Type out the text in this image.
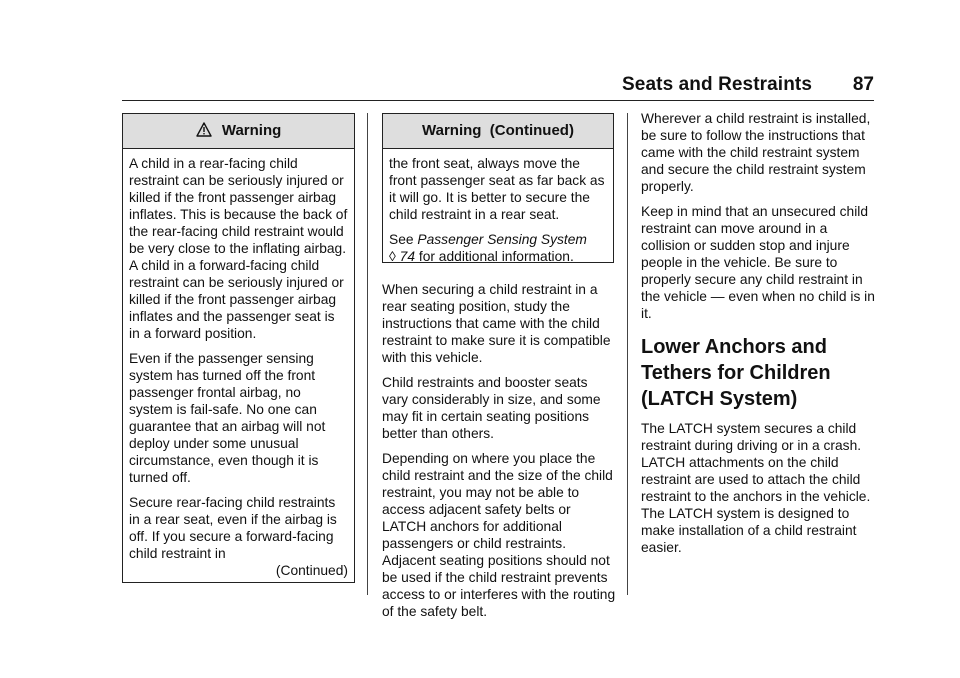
Seats and Restraints 87
Warning

A child in a rear-facing child restraint can be seriously injured or killed if the front passenger airbag inflates. This is because the back of the rear-facing child restraint would be very close to the inflating airbag. A child in a forward-facing child restraint can be seriously injured or killed if the front passenger airbag inflates and the passenger seat is in a forward position.

Even if the passenger sensing system has turned off the front passenger frontal airbag, no system is fail-safe. No one can guarantee that an airbag will not deploy under some unusual circumstance, even though it is turned off.

Secure rear-facing child restraints in a rear seat, even if the airbag is off. If you secure a forward-facing child restraint in

(Continued)
Warning  (Continued)

the front seat, always move the front passenger seat as far back as it will go. It is better to secure the child restraint in a rear seat.

See Passenger Sensing System
◊ 74 for additional information.

When securing a child restraint in a rear seating position, study the instructions that came with the child restraint to make sure it is compatible with this vehicle.

Child restraints and booster seats vary considerably in size, and some may fit in certain seating positions better than others.

Depending on where you place the child restraint and the size of the child restraint, you may not be able to access adjacent safety belts or LATCH anchors for additional passengers or child restraints. Adjacent seating positions should not be used if the child restraint prevents access to or interferes with the routing of the safety belt.

Wherever a child restraint is installed, be sure to follow the instructions that came with the child restraint system and secure the child restraint system properly.

Keep in mind that an unsecured child restraint can move around in a collision or sudden stop and injure people in the vehicle. Be sure to properly secure any child restraint in the vehicle — even when no child is in it.

Lower Anchors and
Tethers for Children
(LATCH System)

The LATCH system secures a child restraint during driving or in a crash. LATCH attachments on the child restraint are used to attach the child restraint to the anchors in the vehicle. The LATCH system is designed to make installation of a child restraint easier.
